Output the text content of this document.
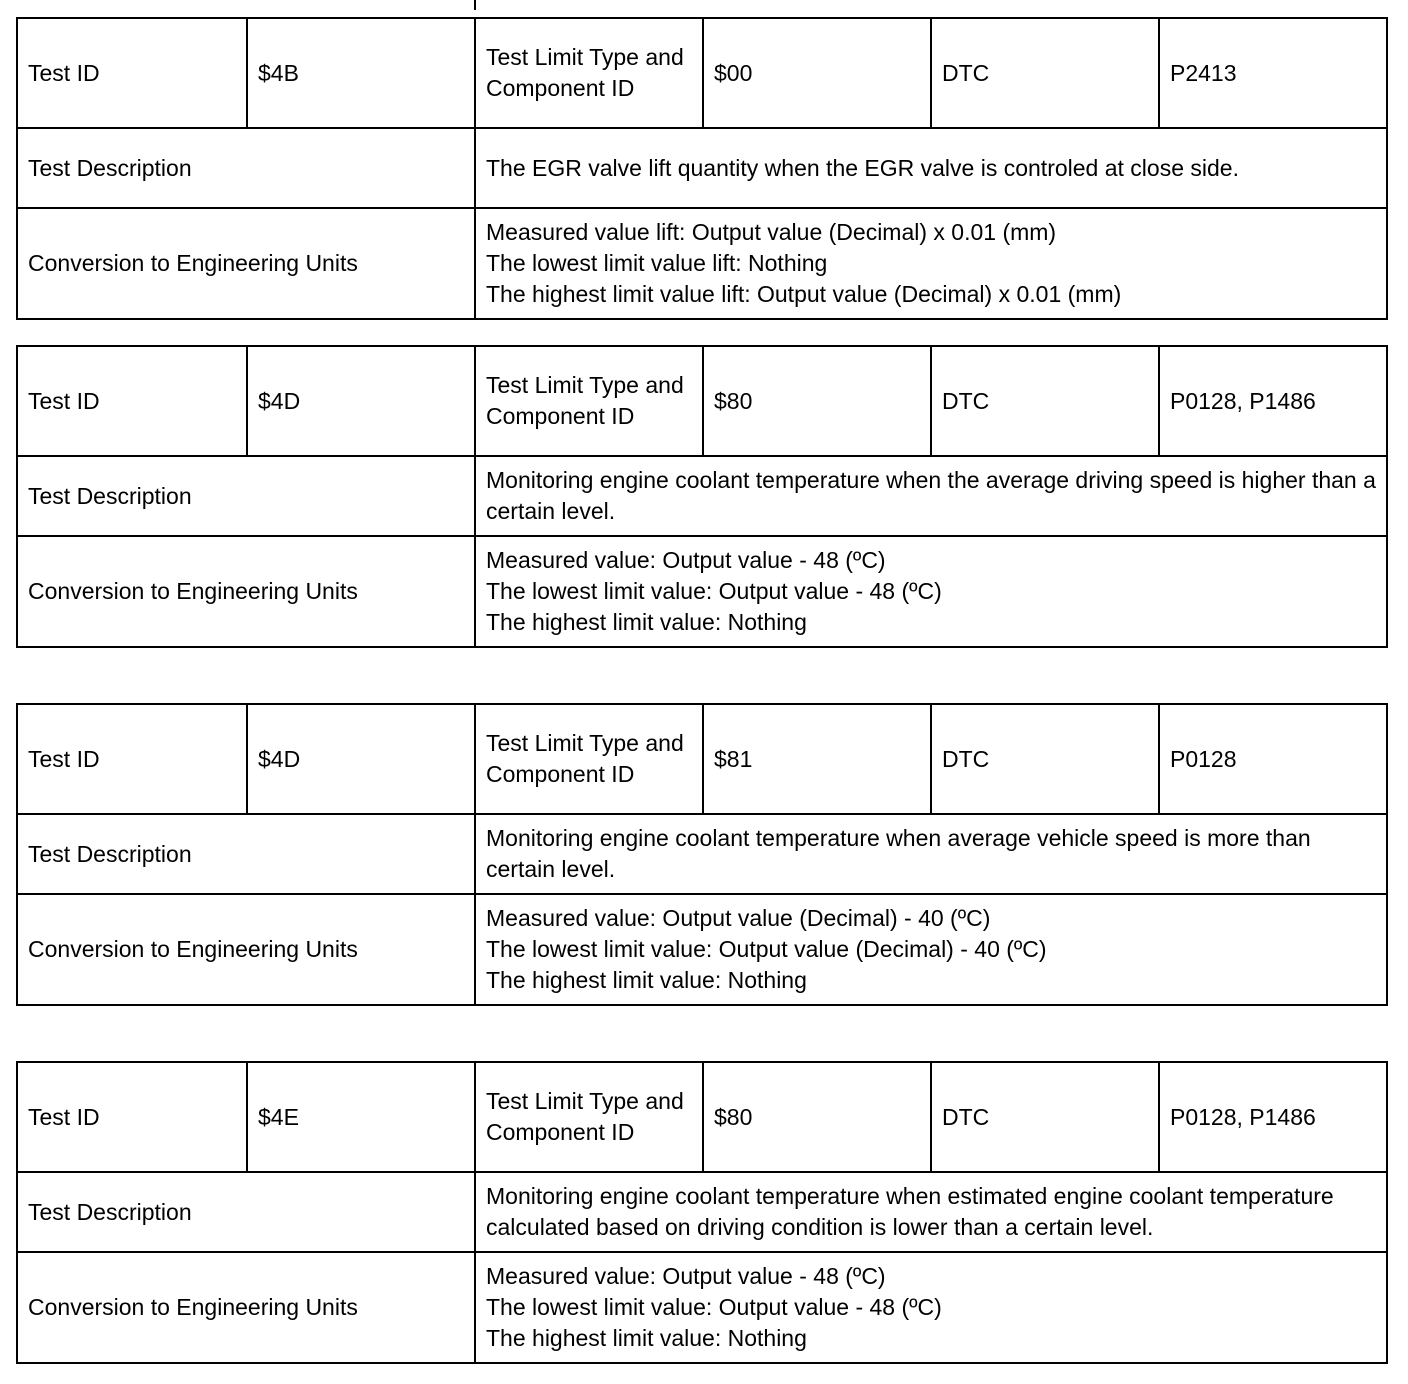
Test ID	$4B	Test Limit Type and Component ID	$00	DTC	P2413
Test Description		The EGR valve lift quantity when the EGR valve is controled at close side.			
Conversion to Engineering Units		Measured value lift: Output value (Decimal) x 0.01 (mm)
The lowest limit value lift: Nothing
The highest limit value lift: Output value (Decimal) x 0.01 (mm)			
Test ID	$4D	Test Limit Type and Component ID	$80	DTC	P0128, P1486
Test Description		Monitoring engine coolant temperature when the average driving speed is higher than a certain level.			
Conversion to Engineering Units		Measured value: Output value - 48 (ºC)
The lowest limit value: Output value - 48 (ºC)
The highest limit value: Nothing			
Test ID	$4D	Test Limit Type and Component ID	$81	DTC	P0128
Test Description		Monitoring engine coolant temperature when average vehicle speed is more than certain level.			
Conversion to Engineering Units		Measured value: Output value (Decimal) - 40 (ºC)
The lowest limit value: Output value (Decimal) - 40 (ºC)
The highest limit value: Nothing			
Test ID	$4E	Test Limit Type and Component ID	$80	DTC	P0128, P1486
Test Description		Monitoring engine coolant temperature when estimated engine coolant temperature calculated based on driving condition is lower than a certain level.			
Conversion to Engineering Units		Measured value: Output value - 48 (ºC)
The lowest limit value: Output value - 48 (ºC)
The highest limit value: Nothing			
